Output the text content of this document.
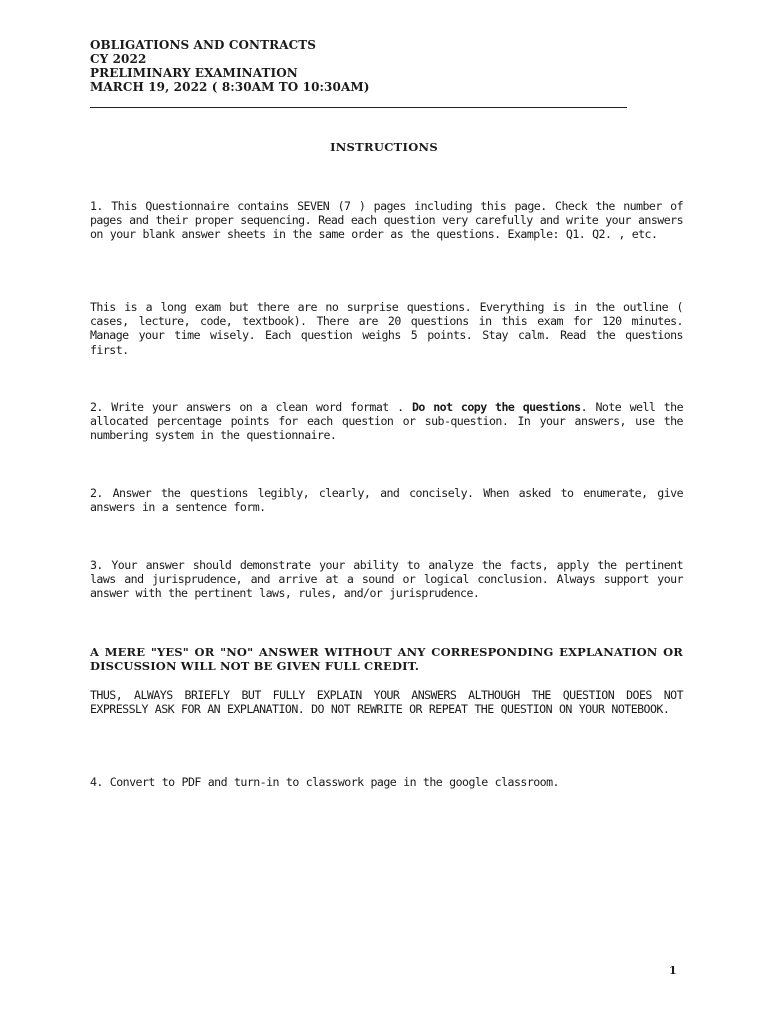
OBLIGATIONS AND CONTRACTS
CY 2022
PRELIMINARY EXAMINATION
MARCH 19, 2022 ( 8:30AM TO 10:30AM)
INSTRUCTIONS
1. This Questionnaire contains SEVEN (7 ) pages including this page. Check the number of pages and their proper sequencing. Read each question very carefully and write your answers on your blank answer sheets in the same order as the questions. Example: Q1. Q2. , etc.
This is a long exam but there are no surprise questions. Everything is in the outline ( cases, lecture, code, textbook). There are 20 questions in this exam for 120 minutes. Manage your time wisely. Each question weighs 5 points. Stay calm. Read the questions first.
2. Write your answers on a clean word format . Do not copy the questions. Note well the allocated percentage points for each question or sub-question. In your answers, use the numbering system in the questionnaire.
2. Answer the questions legibly, clearly, and concisely. When asked to enumerate, give answers in a sentence form.
3. Your answer should demonstrate your ability to analyze the facts, apply the pertinent laws and jurisprudence, and arrive at a sound or logical conclusion. Always support your answer with the pertinent laws, rules, and/or jurisprudence.
A MERE "YES" OR "NO" ANSWER WITHOUT ANY CORRESPONDING EXPLANATION OR DISCUSSION WILL NOT BE GIVEN FULL CREDIT.
THUS, ALWAYS BRIEFLY BUT FULLY EXPLAIN YOUR ANSWERS ALTHOUGH THE QUESTION DOES NOT EXPRESSLY ASK FOR AN EXPLANATION. DO NOT REWRITE OR REPEAT THE QUESTION ON YOUR NOTEBOOK.
4. Convert to PDF and turn-in to classwork page in the google classroom.
1
